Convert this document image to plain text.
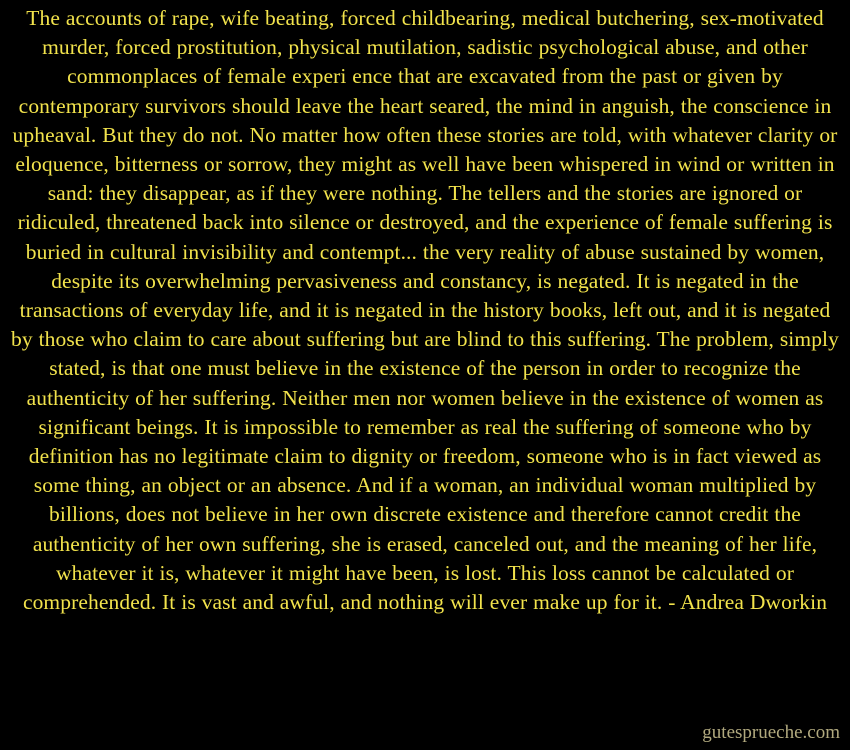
The accounts of rape, wife beating, forced childbearing, medical butchering, sex-motivated murder, forced prostitution, physical mutilation, sadistic psychological abuse, and other commonplaces of female experi ence that are excavated from the past or given by contemporary survivors should leave the heart seared, the mind in anguish, the conscience in upheaval. But they do not. No matter how often these stories are told, with whatever clarity or eloquence, bitterness or sorrow, they might as well have been whispered in wind or written in sand: they disappear, as if they were nothing. The tellers and the stories are ignored or ridiculed, threatened back into silence or destroyed, and the experience of female suffering is buried in cultural invisibility and contempt... the very reality of abuse sustained by women, despite its overwhelming pervasiveness and constancy, is negated. It is negated in the transactions of everyday life, and it is negated in the history books, left out, and it is negated by those who claim to care about suffering but are blind to this suffering. The problem, simply stated, is that one must believe in the existence of the person in order to recognize the authenticity of her suffering. Neither men nor women believe in the existence of women as significant beings. It is impossible to remember as real the suffering of someone who by definition has no legitimate claim to dignity or freedom, someone who is in fact viewed as some thing, an object or an absence. And if a woman, an individual woman multiplied by billions, does not believe in her own discrete existence and therefore cannot credit the authenticity of her own suffering, she is erased, canceled out, and the meaning of her life, whatever it is, whatever it might have been, is lost. This loss cannot be calculated or comprehended. It is vast and awful, and nothing will ever make up for it. - Andrea Dworkin
gutesprueche.com
